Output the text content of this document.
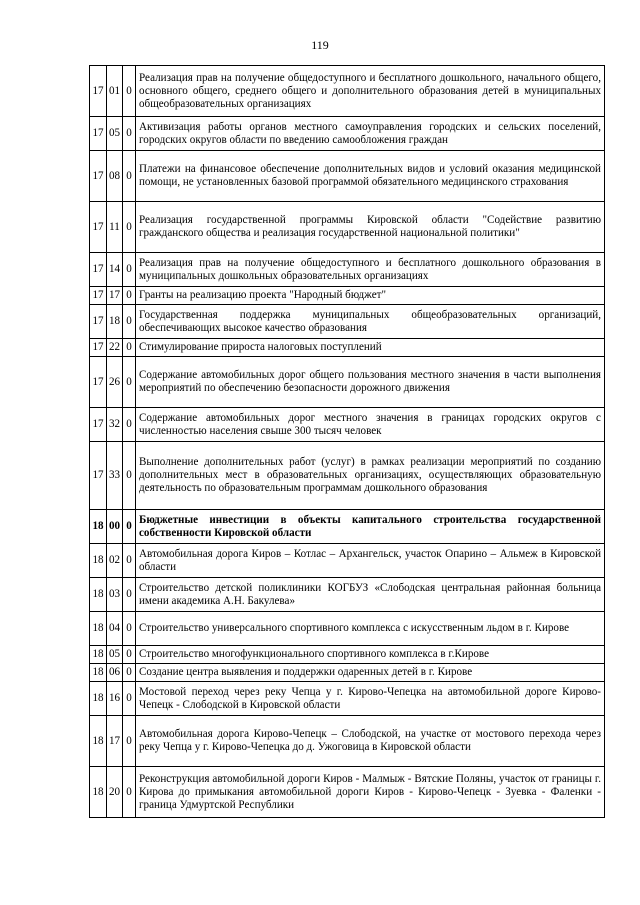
119
17	01	0	Реализация прав на получение общедоступного и бесплатного дошкольного, начального общего, основного общего, среднего общего и дополнительного образования детей в муниципальных общеобразовательных организациях
17	05	0	Активизация работы органов местного самоуправления городских и сельских поселений, городских округов области по введению самообложения граждан
17	08	0	Платежи на финансовое обеспечение дополнительных видов и условий оказания медицинской помощи, не установленных базовой программой обязательного медицинского страхования
17	11	0	Реализация государственной программы Кировской области "Содействие развитию гражданского общества и реализация государственной национальной политики"
17	14	0	Реализация прав на получение общедоступного и бесплатного дошкольного образования в муниципальных дошкольных образовательных организациях
17	17	0	Гранты на реализацию проекта "Народный бюджет"
17	18	0	Государственная поддержка муниципальных общеобразовательных организаций, обеспечивающих высокое качество образования
17	22	0	Стимулирование прироста налоговых поступлений
17	26	0	Содержание автомобильных дорог общего пользования местного значения в части выполнения мероприятий по обеспечению безопасности дорожного движения
17	32	0	Содержание автомобильных дорог местного значения в границах городских округов с численностью населения свыше 300 тысяч человек
17	33	0	Выполнение дополнительных работ (услуг) в рамках реализации мероприятий по созданию дополнительных мест в образовательных организациях, осуществляющих образовательную деятельность по образовательным программам дошкольного образования
18	00	0	Бюджетные инвестиции в объекты капитального строительства государственной собственности Кировской области
18	02	0	Автомобильная дорога Киров – Котлас – Архангельск, участок Опарино – Альмеж в Кировской области
18	03	0	Строительство детской поликлиники КОГБУЗ «Слободская центральная районная больница имени академика А.Н. Бакулева»
18	04	0	Строительство универсального спортивного комплекса с искусственным льдом в г. Кирове
18	05	0	Строительство многофункционального спортивного комплекса в г.Кирове
18	06	0	Создание центра выявления и поддержки одаренных детей в г. Кирове
18	16	0	Мостовой переход через реку Чепца у г. Кирово-Чепецка на автомобильной дороге Кирово-Чепецк - Слободской в Кировской области
18	17	0	Автомобильная дорога Кирово-Чепецк – Слободской, на участке от мостового перехода через реку Чепца у г. Кирово-Чепецка до д. Ужоговица в Кировской области
18	20	0	Реконструкция автомобильной дороги Киров - Малмыж - Вятские Поляны, участок от границы г. Кирова до примыкания автомобильной дороги Киров - Кирово-Чепецк - Зуевка - Фаленки - граница Удмуртской Республики
